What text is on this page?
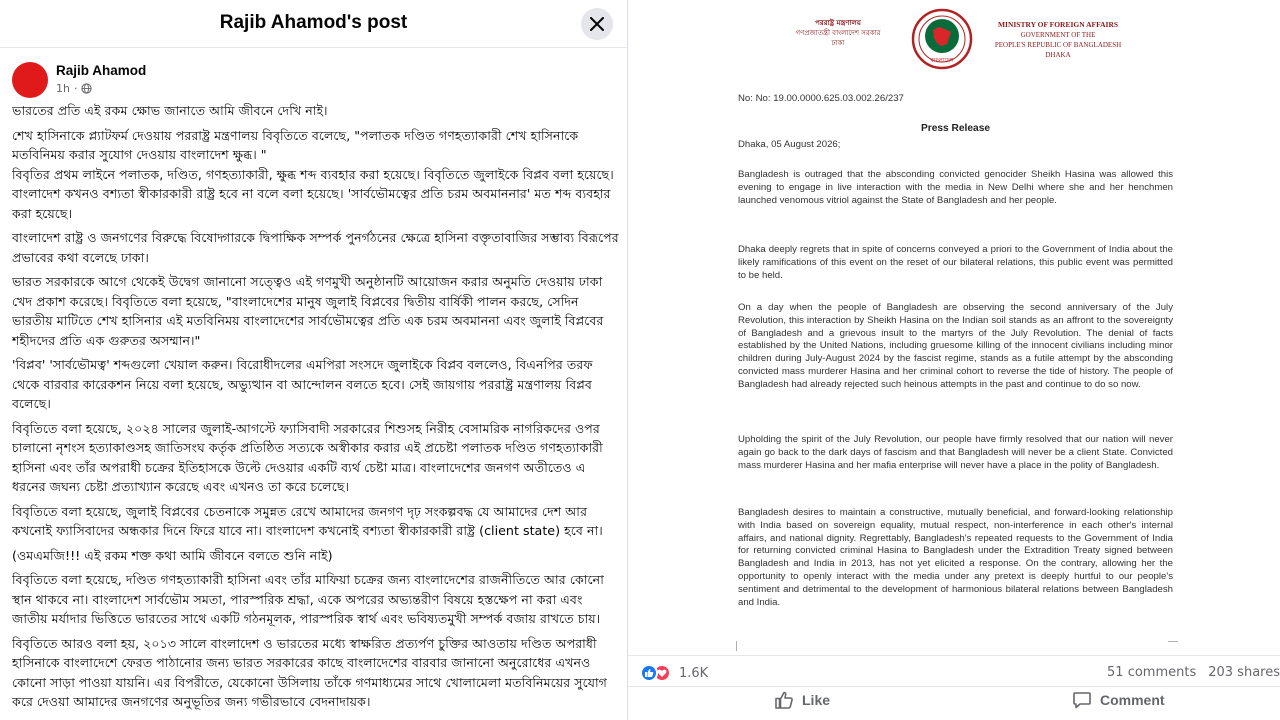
Rajib Ahamod's post
Rajib Ahamod
1h ·

ভারতের প্রতি এই রকম ক্ষোভ জানাতে আমি জীবনে দেখি নাই।

শেখ হাসিনাকে প্ল্যাটফর্ম দেওয়ায় পররাষ্ট্র মন্ত্রণালয় বিবৃতিতে বলেছে, "পলাতক দণ্ডিত গণহত্যাকারী শেখ হাসিনাকে মতবিনিময় করার সুযোগ দেওয়ায় বাংলাদেশ ক্ষুব্ধ। "
বিবৃতির প্রথম লাইনে পলাতক, দণ্ডিত, গণহত্যাকারী, ক্ষুব্ধ শব্দ ব্যবহার করা হয়েছে। বিবৃতিতে জুলাইকে বিপ্লব বলা হয়েছে। বাংলাদেশ কখনও বশ্যতা স্বীকারকারী রাষ্ট্র হবে না বলে বলা হয়েছে। 'সার্বভৌমত্বের প্রতি চরম অবমাননার' মত শব্দ ব্যবহার করা হয়েছে।

বাংলাদেশ রাষ্ট্র ও জনগণের বিরুদ্ধে বিষোদ্গারকে দ্বিপাক্ষিক সম্পর্ক পুনর্গঠনের ক্ষেত্রে হাসিনা বক্তৃতাবাজির সম্ভাব্য বিরূপের প্রভাবের কথা বলেছে ঢাকা।

ভারত সরকারকে আগে থেকেই উদ্বেগ জানানো সত্ত্বেও এই গণমুখী অনুষ্ঠানটি আয়োজন করার অনুমতি দেওয়ায় ঢাকা খেদ প্রকাশ করেছে। বিবৃতিতে বলা হয়েছে, "বাংলাদেশের মানুষ জুলাই বিপ্লবের দ্বিতীয় বার্ষিকী পালন করছে, সেদিন ভারতীয় মাটিতে শেখ হাসিনার এই মতবিনিময় বাংলাদেশের সার্বভৌমত্বের প্রতি এক চরম অবমাননা এবং জুলাই বিপ্লবের শহীদদের প্রতি এক গুরুতর অসম্মান।"

'বিপ্লব' 'সার্বভৌমত্ব' শব্দগুলো খেয়াল করুন। বিরোধীদলের এমপিরা সংসদে জুলাইকে বিপ্লব বললেও, বিএনপির তরফ থেকে বারবার কারেকশন নিয়ে বলা হয়েছে, অভ্যুত্থান বা আন্দোলন বলতে হবে। সেই জায়গায় পররাষ্ট্র মন্ত্রণালয় বিপ্লব বলেছে।

বিবৃতিতে বলা হয়েছে, ২০২৪ সালের জুলাই-আগস্টে ফ্যাসিবাদী সরকারের শিশুসহ নিরীহ বেসামরিক নাগরিকদের ওপর চালানো নৃশংস হত্যাকাণ্ডসহ জাতিসংঘ কর্তৃক প্রতিষ্ঠিত সত্যকে অস্বীকার করার এই প্রচেষ্টা পলাতক দণ্ডিত গণহত্যাকারী হাসিনা এবং তাঁর অপরাধী চক্রের ইতিহাসকে উল্টে দেওয়ার একটি ব্যর্থ চেষ্টা মাত্র। বাংলাদেশের জনগণ অতীতেও এ ধরনের জঘন্য চেষ্টা প্রত্যাখ্যান করেছে এবং এখনও তা করে চলেছে।

বিবৃতিতে বলা হয়েছে, জুলাই বিপ্লবের চেতনাকে সমুন্নত রেখে আমাদের জনগণ দৃঢ় সংকল্পবদ্ধ যে আমাদের দেশ আর কখনোই ফ্যাসিবাদের অন্ধকার দিনে ফিরে যাবে না। বাংলাদেশ কখনোই বশ্যতা স্বীকারকারী রাষ্ট্র (client state) হবে না।

(ওমএমজি!!! এই রকম শক্ত কথা আমি জীবনে বলতে শুনি নাই)

বিবৃতিতে বলা হয়েছে, দণ্ডিত গণহত্যাকারী হাসিনা এবং তাঁর মাফিয়া চক্রের জন্য বাংলাদেশের রাজনীতিতে আর কোনো স্থান থাকবে না। বাংলাদেশ সার্বভৌম সমতা, পারস্পরিক শ্রদ্ধা, একে অপরের অভ্যন্তরীণ বিষয়ে হস্তক্ষেপ না করা এবং জাতীয় মর্যাদার ভিত্তিতে ভারতের সাথে একটি গঠনমূলক, পারস্পরিক স্বার্থ এবং ভবিষ্যতমুখী সম্পর্ক বজায় রাখতে চায়।

বিবৃতিতে আরও বলা হয়, ২০১৩ সালে বাংলাদেশ ও ভারতের মধ্যে স্বাক্ষরিত প্রত্যর্পণ চুক্তির আওতায় দণ্ডিত অপরাধী হাসিনাকে বাংলাদেশে ফেরত পাঠানোর জন্য ভারত সরকারের কাছে বাংলাদেশের বারবার জানানো অনুরোধের এখনও কোনো সাড়া পাওয়া যায়নি। এর বিপরীতে, যেকোনো উসিলায় তাঁকে গণমাধ্যমের সাথে খোলামেলা মতবিনিময়ের সুযোগ করে দেওয়া আমাদের জনগণের অনুভূতির জন্য গভীরভাবে বেদনাদায়ক।

পররাষ্ট্র মন্ত্রণালয়
গণপ্রজাতন্ত্রী বাংলাদেশ সরকার
ঢাকা
বাংলাদেশ
MINISTRY OF FOREIGN AFFAIRS
GOVERNMENT OF THE
PEOPLE'S REPUBLIC OF BANGLADESH
DHAKA
No: No: 19.00.0000.625.03.002.26/237
Press Release
Dhaka, 05 August 2026;
Bangladesh is outraged that the absconding convicted genocider Sheikh Hasina was allowed this evening to engage in live interaction with the media in New Delhi where she and her henchmen launched venomous vitriol against the State of Bangladesh and her people.
Dhaka deeply regrets that in spite of concerns conveyed a priori to the Government of India about the likely ramifications of this event on the reset of our bilateral relations, this public event was permitted to be held.
On a day when the people of Bangladesh are observing the second anniversary of the July Revolution, this interaction by Sheikh Hasina on the Indian soil stands as an affront to the sovereignty of Bangladesh and a grievous insult to the martyrs of the July Revolution. The denial of facts established by the United Nations, including gruesome killing of the innocent civilians including minor children during July-August 2024 by the fascist regime, stands as a futile attempt by the absconding convicted mass murderer Hasina and her criminal cohort to reverse the tide of history. The people of Bangladesh had already rejected such heinous attempts in the past and continue to do so now.
Upholding the spirit of the July Revolution, our people have firmly resolved that our nation will never again go back to the dark days of fascism and that Bangladesh will never be a client State. Convicted mass murderer Hasina and her mafia enterprise will never have a place in the polity of Bangladesh.
Bangladesh desires to maintain a constructive, mutually beneficial, and forward-looking relationship with India based on sovereign equality, mutual respect, non-interference in each other's internal affairs, and national dignity. Regrettably, Bangladesh's repeated requests to the Government of India for returning convicted criminal Hasina to Bangladesh under the Extradition Treaty signed between Bangladesh and India in 2013, has not yet elicited a response. On the contrary, allowing her the opportunity to openly interact with the media under any pretext is deeply hurtful to our people's sentiment and detrimental to the development of harmonious bilateral relations between Bangladesh and India.
1.6K	51 comments 203 shares
Like	Comment
